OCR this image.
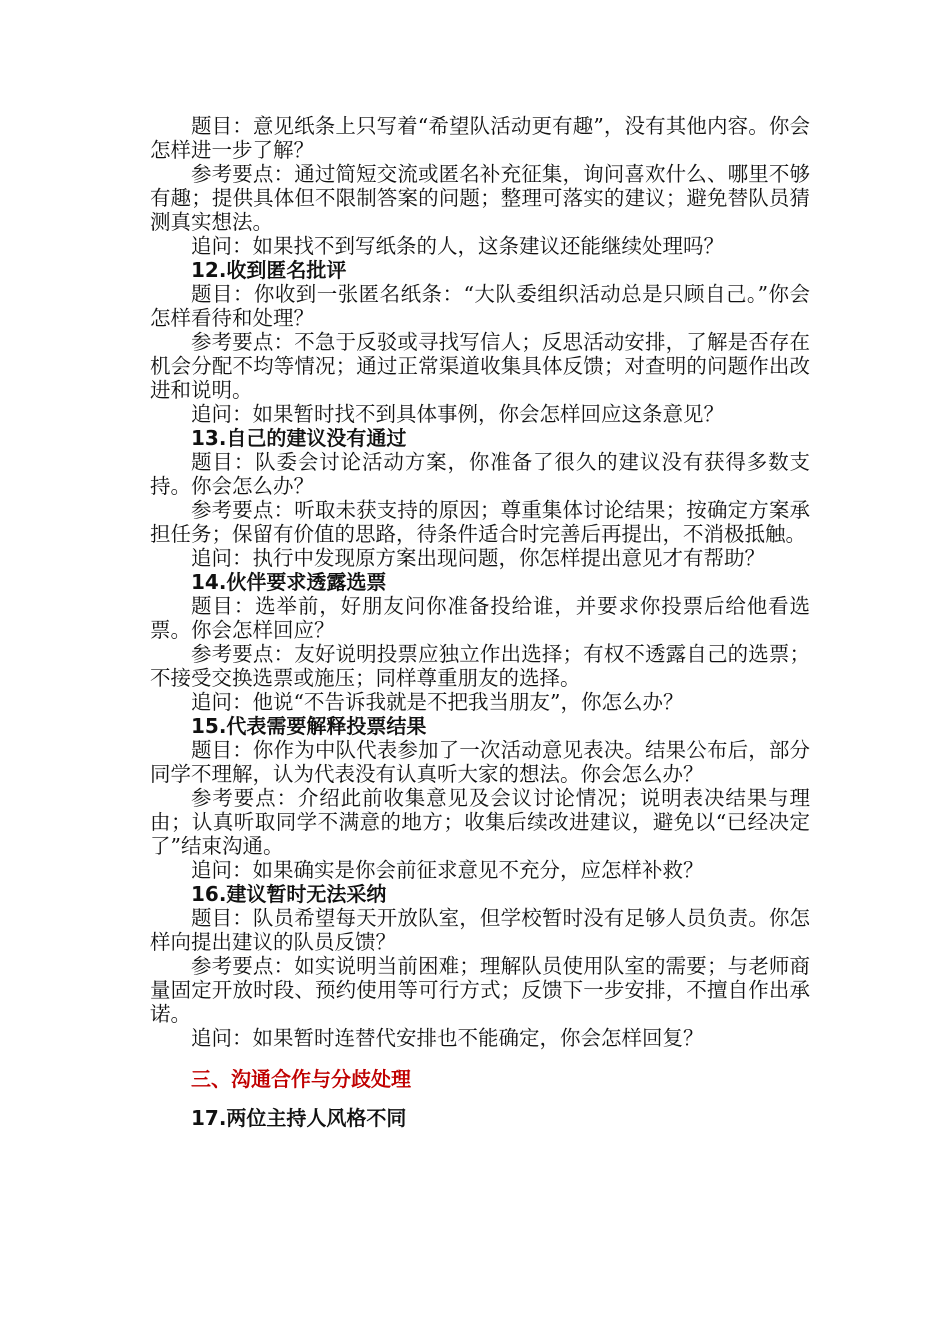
题目：意见纸条上只写着“希望队活动更有趣”，没有其他内容。你会怎样进一步了解？

参考要点：通过简短交流或匿名补充征集，询问喜欢什么、哪里不够有趣；提供具体但不限制答案的问题；整理可落实的建议；避免替队员猜测真实想法。

追问：如果找不到写纸条的人，这条建议还能继续处理吗？

12.收到匿名批评

题目：你收到一张匿名纸条：“大队委组织活动总是只顾自己。”你会怎样看待和处理？

参考要点：不急于反驳或寻找写信人；反思活动安排，了解是否存在机会分配不均等情况；通过正常渠道收集具体反馈；对查明的问题作出改进和说明。

追问：如果暂时找不到具体事例，你会怎样回应这条意见？

13.自己的建议没有通过

题目：队委会讨论活动方案，你准备了很久的建议没有获得多数支持。你会怎么办？

参考要点：听取未获支持的原因；尊重集体讨论结果；按确定方案承担任务；保留有价值的思路，待条件适合时完善后再提出，不消极抵触。

追问：执行中发现原方案出现问题，你怎样提出意见才有帮助？

14.伙伴要求透露选票

题目：选举前，好朋友问你准备投给谁，并要求你投票后给他看选票。你会怎样回应？

参考要点：友好说明投票应独立作出选择；有权不透露自己的选票；不接受交换选票或施压；同样尊重朋友的选择。

追问：他说“不告诉我就是不把我当朋友”，你怎么办？

15.代表需要解释投票结果

题目：你作为中队代表参加了一次活动意见表决。结果公布后，部分同学不理解，认为代表没有认真听大家的想法。你会怎么办？

参考要点：介绍此前收集意见及会议讨论情况；说明表决结果与理由；认真听取同学不满意的地方；收集后续改进建议，避免以“已经决定了”结束沟通。

追问：如果确实是你会前征求意见不充分，应怎样补救？

16.建议暂时无法采纳

题目：队员希望每天开放队室，但学校暂时没有足够人员负责。你怎样向提出建议的队员反馈？

参考要点：如实说明当前困难；理解队员使用队室的需要；与老师商量固定开放时段、预约使用等可行方式；反馈下一步安排，不擅自作出承诺。

追问：如果暂时连替代安排也不能确定，你会怎样回复？

三、沟通合作与分歧处理

17.两位主持人风格不同
